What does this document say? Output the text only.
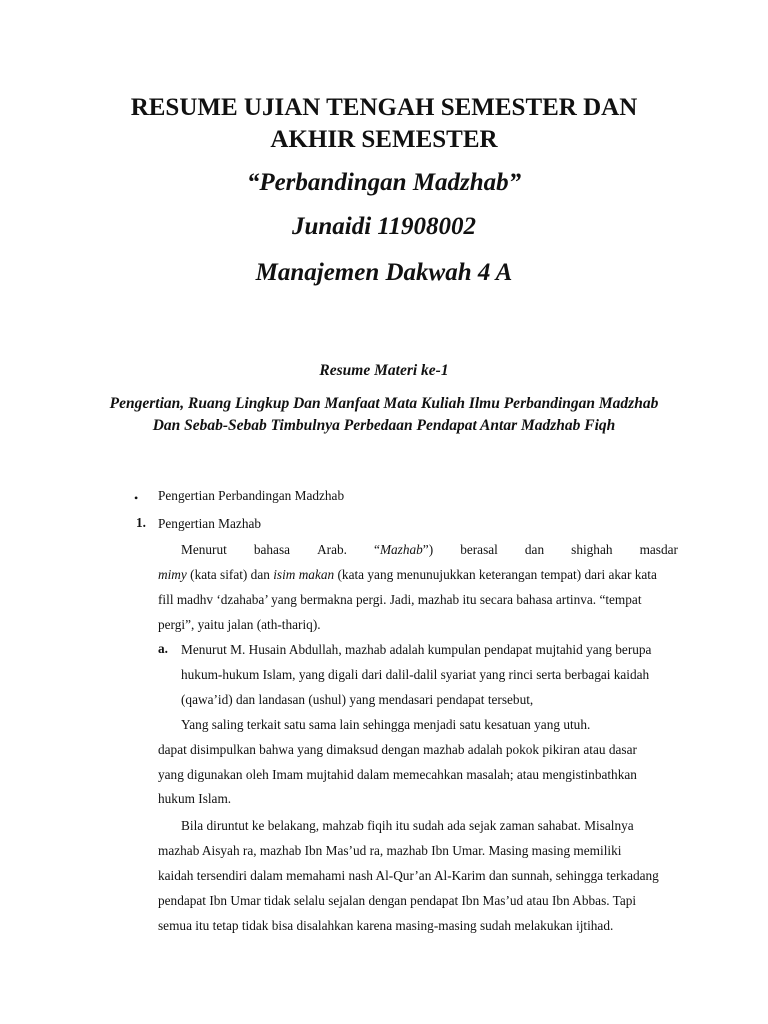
RESUME UJIAN TENGAH SEMESTER DAN

AKHIR SEMESTER

“Perbandingan Madzhab”

Junaidi 11908002

Manajemen Dakwah 4 A

Resume Materi ke-1

Pengertian, Ruang Lingkup Dan Manfaat Mata Kuliah Ilmu Perbandingan Madzhab Dan Sebab-Sebab Timbulnya Perbedaan Pendapat Antar Madzhab Fiqh

• Pengertian Perbandingan Madzhab
1. Pengertian Mazhab
Menurut bahasa Arab. “Mazhab”) berasal dan shighah masdar
mimy (kata sifat) dan isim makan (kata yang menunujukkan keterangan tempat) dari akar kata
fill madhv ‘dzahaba’ yang bermakna pergi. Jadi, mazhab itu secara bahasa artinva. “tempat
pergi”, yaitu jalan (ath-thariq).
a. Menurut M. Husain Abdullah, mazhab adalah kumpulan pendapat mujtahid yang berupa
hukum-hukum Islam, yang digali dari dalil-dalil syariat yang rinci serta berbagai kaidah
(qawa’id) dan landasan (ushul) yang mendasari pendapat tersebut,
Yang saling terkait satu sama lain sehingga menjadi satu kesatuan yang utuh.
dapat disimpulkan bahwa yang dimaksud dengan mazhab adalah pokok pikiran atau dasar
yang digunakan oleh Imam mujtahid dalam memecahkan masalah; atau mengistinbathkan
hukum Islam.
Bila diruntut ke belakang, mahzab fiqih itu sudah ada sejak zaman sahabat. Misalnya
mazhab Aisyah ra, mazhab Ibn Mas’ud ra, mazhab Ibn Umar. Masing masing memiliki
kaidah tersendiri dalam memahami nash Al-Qur’an Al-Karim dan sunnah, sehingga terkadang
pendapat Ibn Umar tidak selalu sejalan dengan pendapat Ibn Mas’ud atau Ibn Abbas. Tapi
semua itu tetap tidak bisa disalahkan karena masing-masing sudah melakukan ijtihad.
